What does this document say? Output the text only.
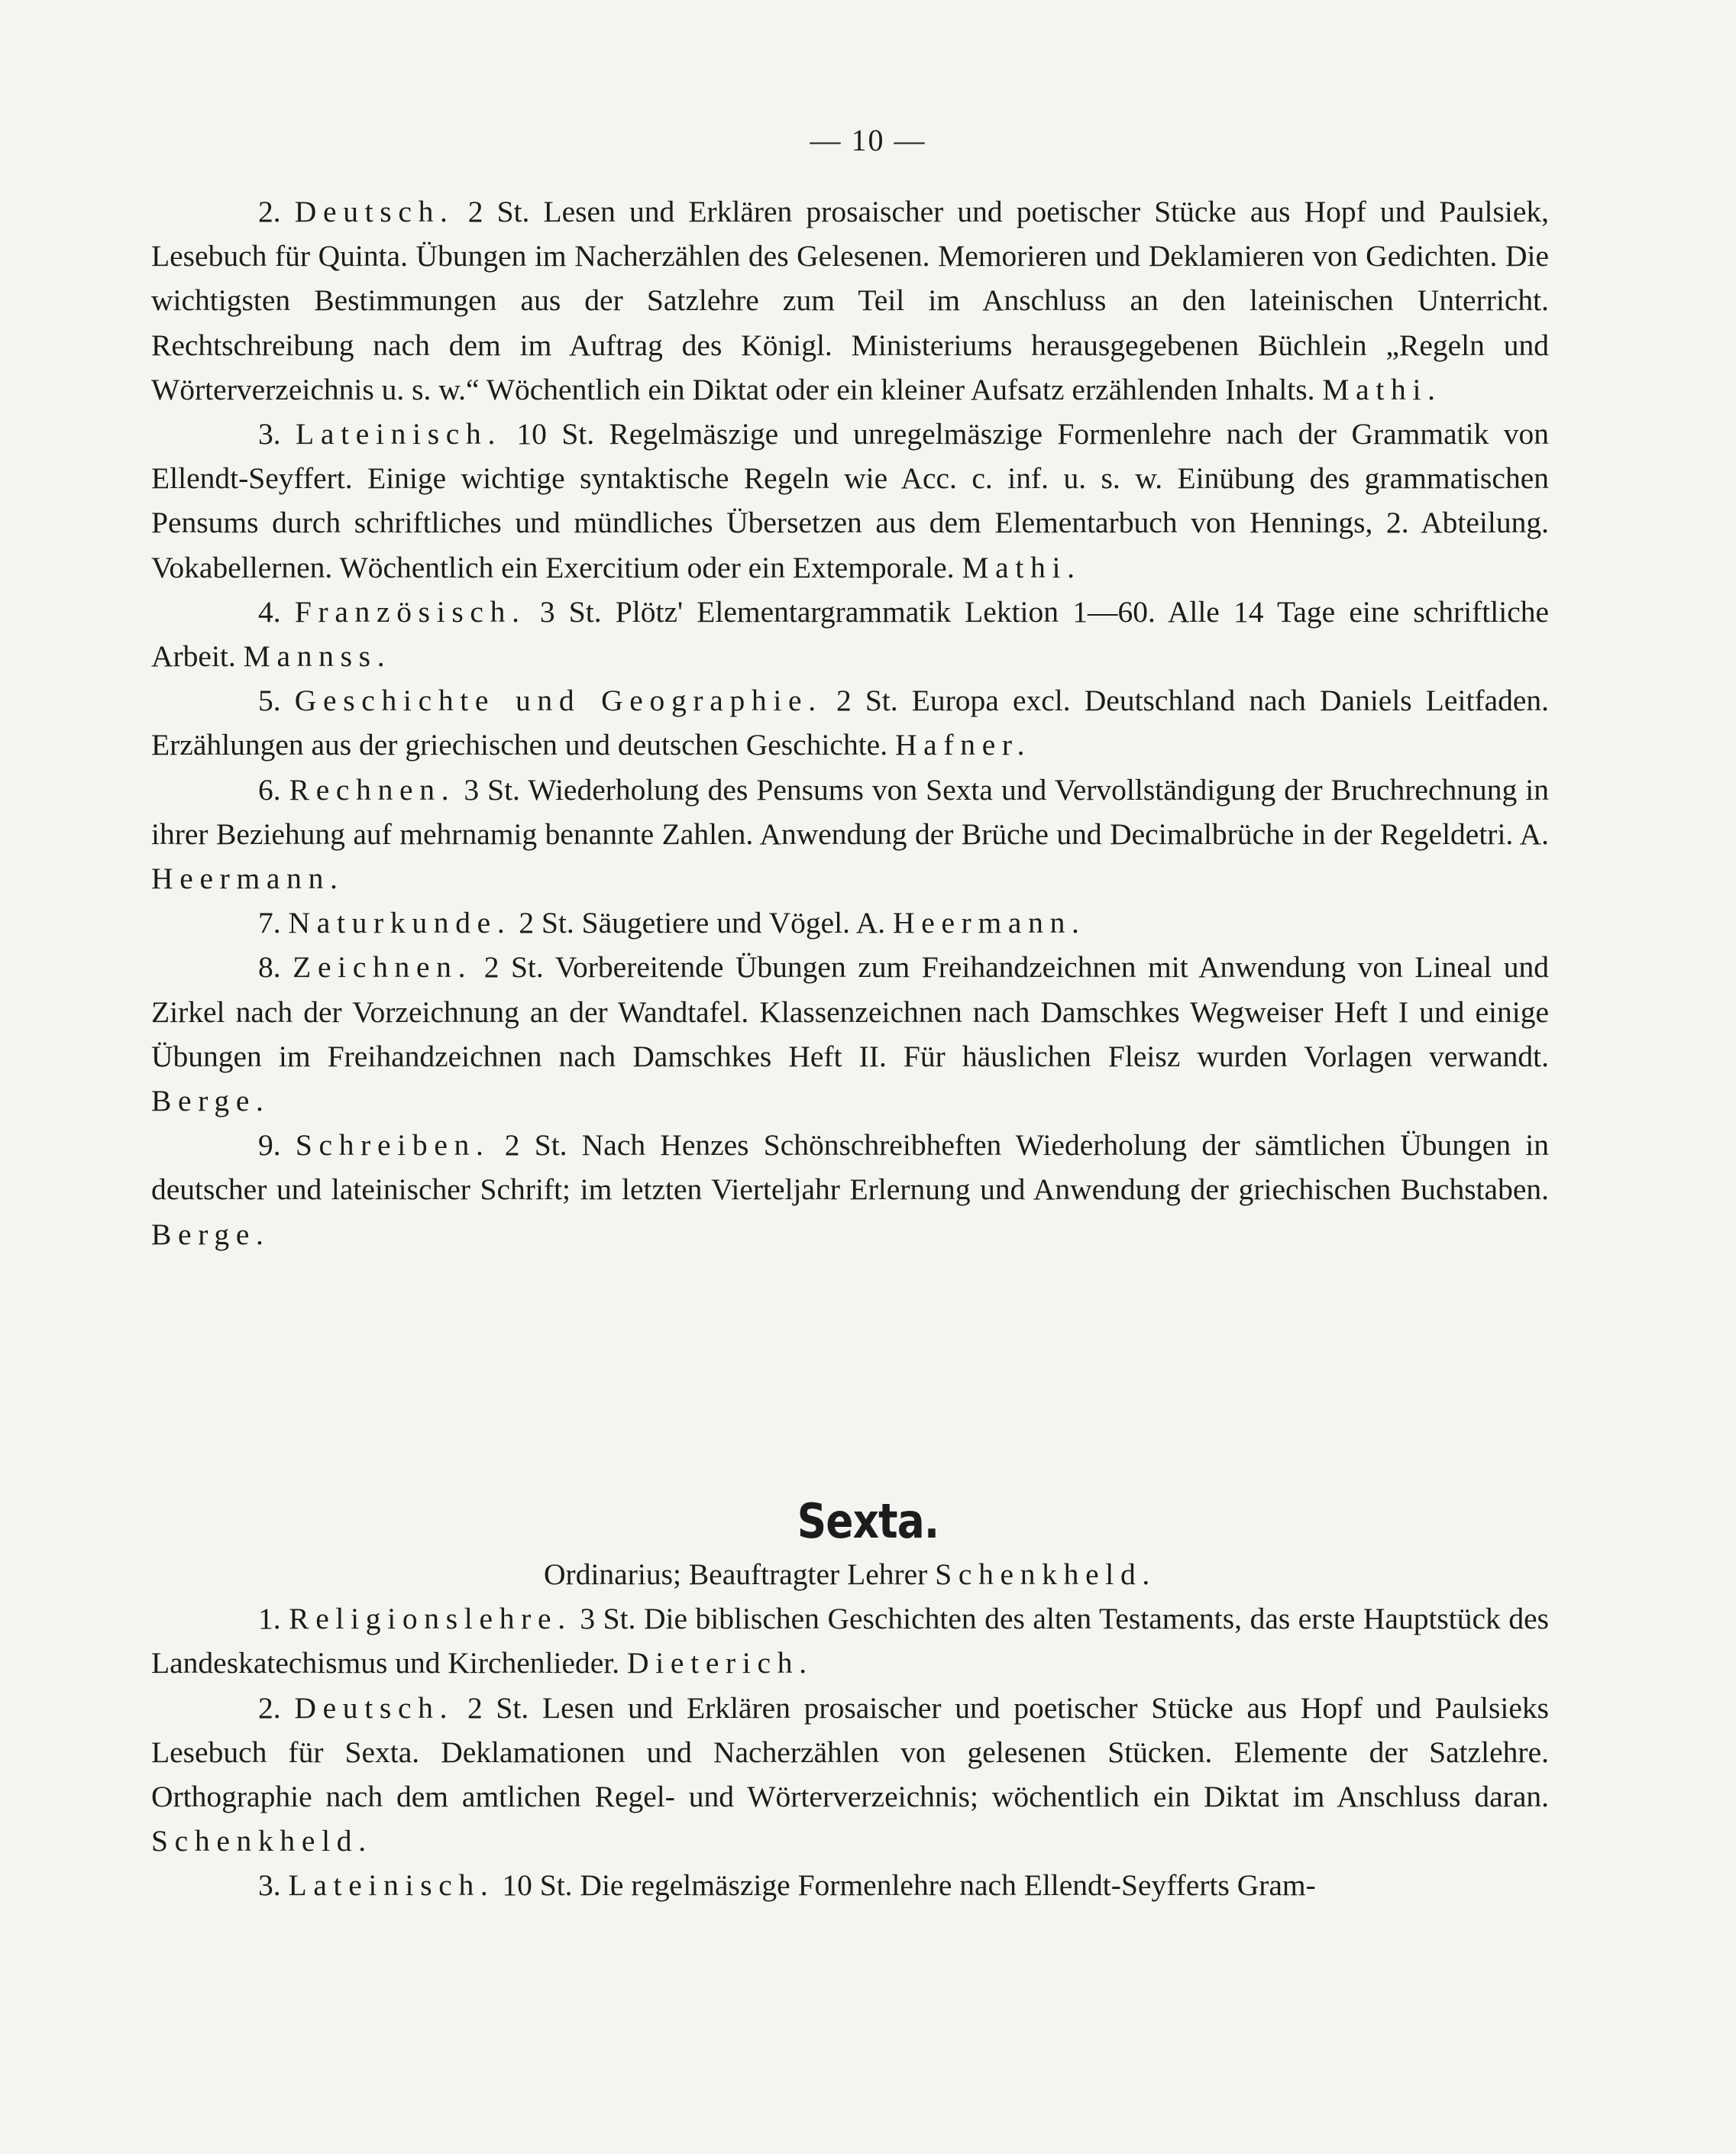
— 10 —

2. Deutsch. 2 St. Lesen und Erklären prosaischer und poetischer Stücke aus Hopf und Paulsiek, Lesebuch für Quinta. Übungen im Nacherzählen des Gelesenen. Memorieren und Deklamieren von Gedichten. Die wichtigsten Bestimmungen aus der Satzlehre zum Teil im Anschluss an den lateinischen Unterricht. Rechtschreibung nach dem im Auftrag des Königl. Ministeriums herausgegebenen Büchlein „Regeln und Wörterverzeichnis u. s. w.“ Wöchentlich ein Diktat oder ein kleiner Aufsatz erzählenden Inhalts. Mathi.

3. Lateinisch. 10 St. Regelmäszige und unregelmäszige Formenlehre nach der Grammatik von Ellendt-Seyffert. Einige wichtige syntaktische Regeln wie Acc. c. inf. u. s. w. Einübung des grammatischen Pensums durch schriftliches und mündliches Übersetzen aus dem Elementarbuch von Hennings, 2. Abteilung. Vokabellernen. Wöchentlich ein Exercitium oder ein Extemporale. Mathi.

4. Französisch. 3 St. Plötz' Elementargrammatik Lektion 1—60. Alle 14 Tage eine schriftliche Arbeit. Mannss.

5. Geschichte und Geographie. 2 St. Europa excl. Deutschland nach Daniels Leitfaden. Erzählungen aus der griechischen und deutschen Geschichte. Hafner.

6. Rechnen. 3 St. Wiederholung des Pensums von Sexta und Vervollständigung der Bruchrechnung in ihrer Beziehung auf mehrnamig benannte Zahlen. Anwendung der Brüche und Decimalbrüche in der Regeldetri. A. Heermann.

7. Naturkunde. 2 St. Säugetiere und Vögel. A. Heermann.

8. Zeichnen. 2 St. Vorbereitende Übungen zum Freihandzeichnen mit Anwendung von Lineal und Zirkel nach der Vorzeichnung an der Wandtafel. Klassenzeichnen nach Damschkes Wegweiser Heft I und einige Übungen im Freihandzeichnen nach Damschkes Heft II. Für häuslichen Fleisz wurden Vorlagen verwandt. Berge.

9. Schreiben. 2 St. Nach Henzes Schönschreibheften Wiederholung der sämtlichen Übungen in deutscher und lateinischer Schrift; im letzten Vierteljahr Erlernung und Anwendung der griechischen Buchstaben. Berge.

Sexta.

Ordinarius; Beauftragter Lehrer Schenkheld.

1. Religionslehre. 3 St. Die biblischen Geschichten des alten Testaments, das erste Hauptstück des Landeskatechismus und Kirchenlieder. Dieterich.

2. Deutsch. 2 St. Lesen und Erklären prosaischer und poetischer Stücke aus Hopf und Paulsieks Lesebuch für Sexta. Deklamationen und Nacherzählen von gelesenen Stücken. Elemente der Satzlehre. Orthographie nach dem amtlichen Regel- und Wörterverzeichnis; wöchentlich ein Diktat im Anschluss daran. Schenkheld.

3. Lateinisch. 10 St. Die regelmäszige Formenlehre nach Ellendt-Seyfferts Gram-
